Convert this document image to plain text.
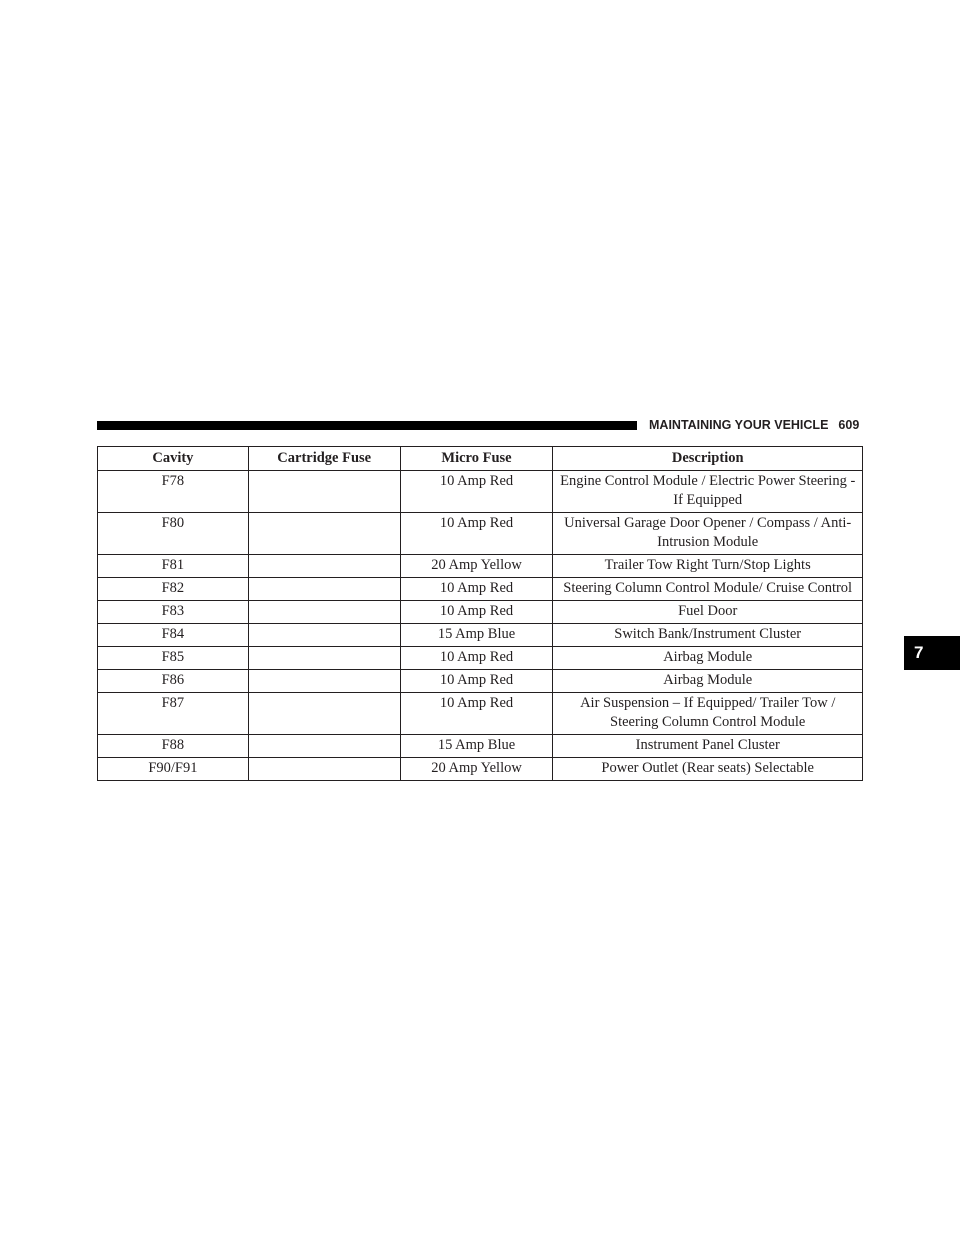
MAINTAINING YOUR VEHICLE 609
7
Cavity	Cartridge Fuse	Micro Fuse	Description
F78		10 Amp Red	Engine Control Module / Electric Power Steering - If Equipped
F80		10 Amp Red	Universal Garage Door Opener / Compass / Anti-Intrusion Module
F81		20 Amp Yellow	Trailer Tow Right Turn/Stop Lights
F82		10 Amp Red	Steering Column Control Module/ Cruise Control
F83		10 Amp Red	Fuel Door
F84		15 Amp Blue	Switch Bank/Instrument Cluster
F85		10 Amp Red	Airbag Module
F86		10 Amp Red	Airbag Module
F87		10 Amp Red	Air Suspension – If Equipped/ Trailer Tow / Steering Column Control Module
F88		15 Amp Blue	Instrument Panel Cluster
F90/F91		20 Amp Yellow	Power Outlet (Rear seats) Selectable
